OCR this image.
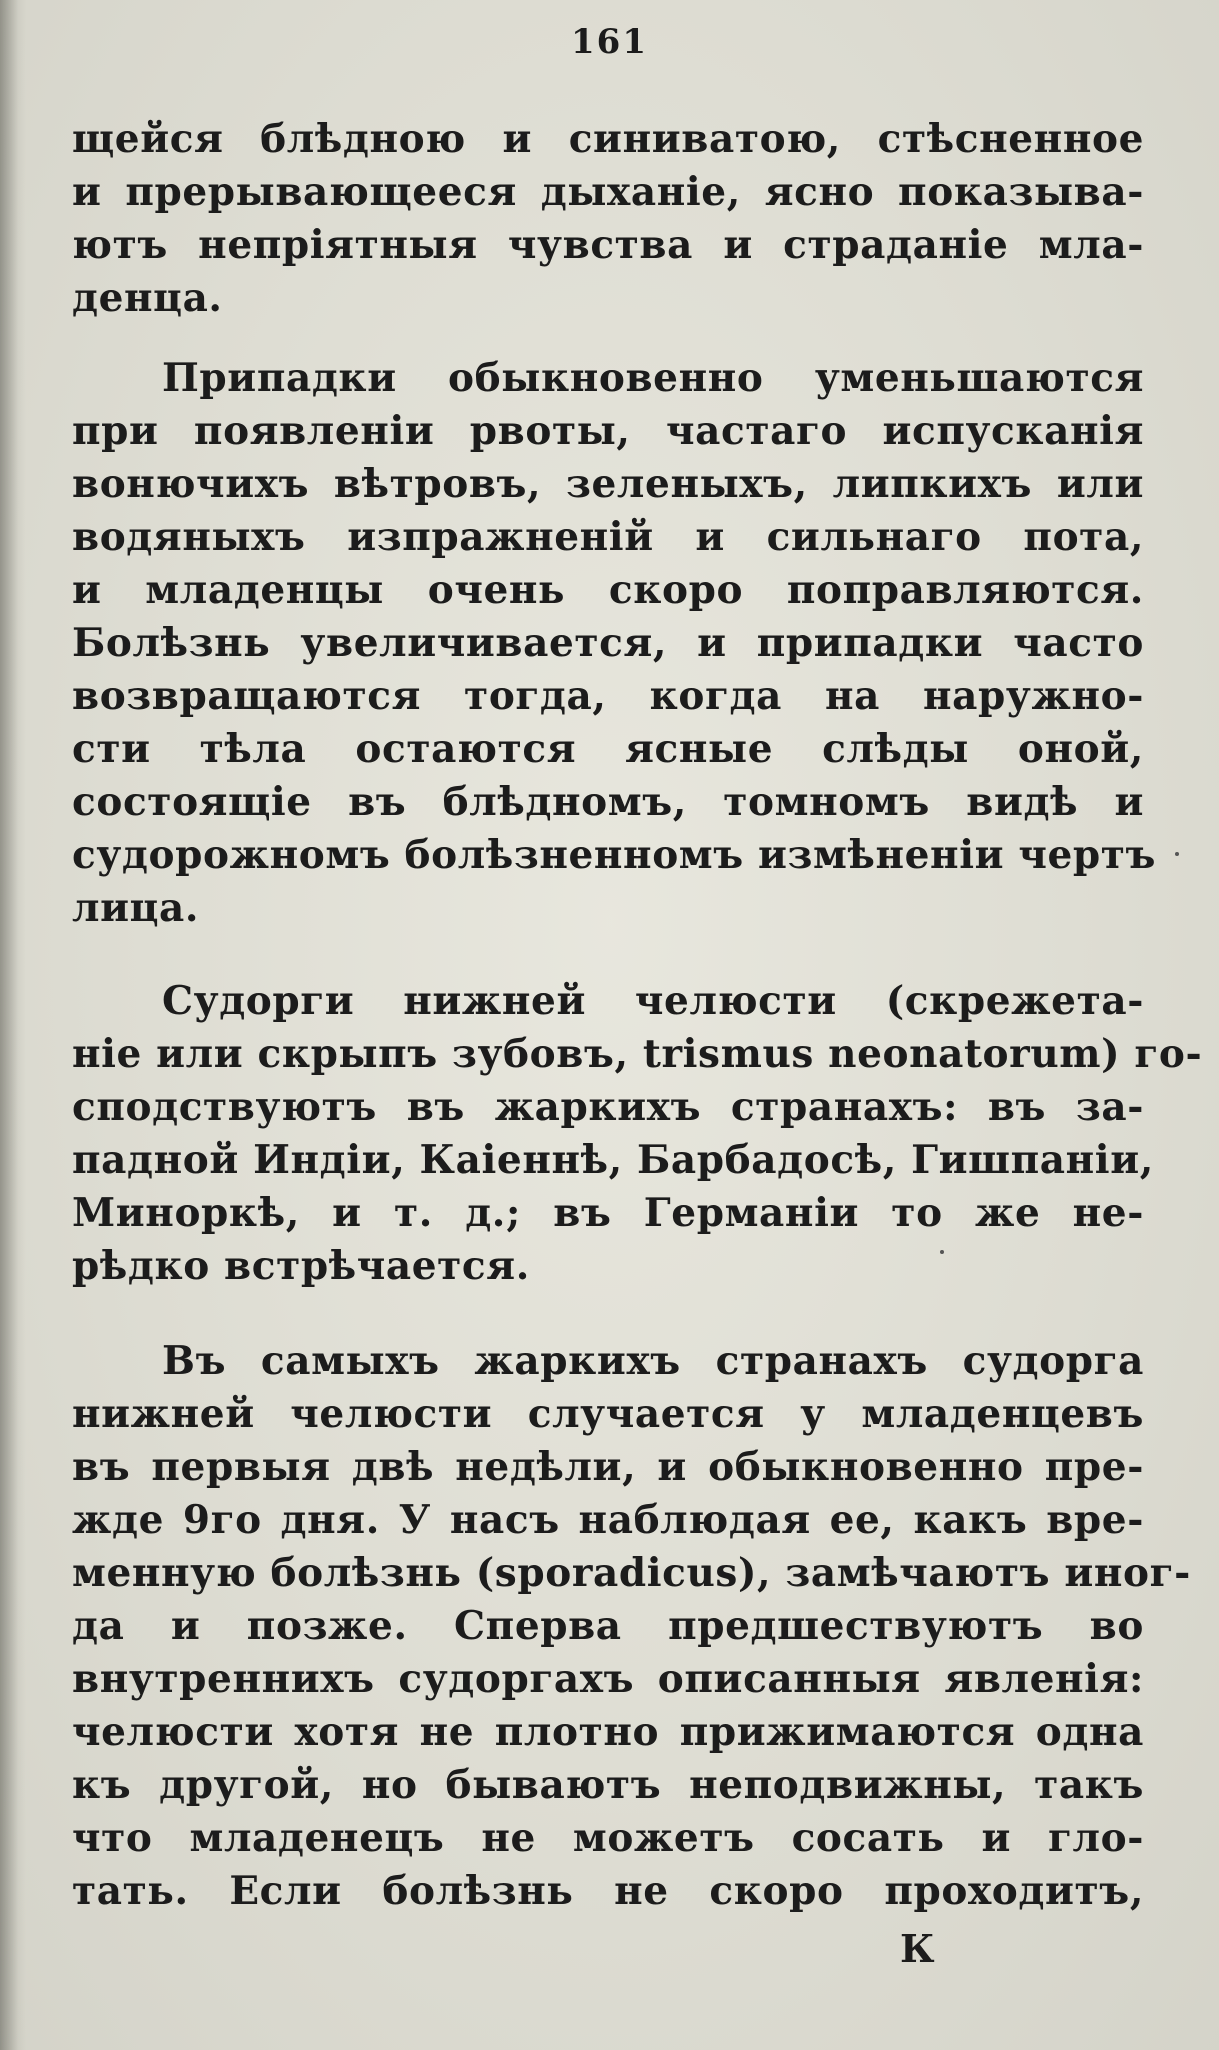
161
щейся блѣдною и синиватою, стѣсненное
и прерывающееся дыханіе, ясно показыва-
ютъ непріятныя чувства и страданіе мла-
денца.
Припадки обыкновенно уменьшаются
при появленіи рвоты, частаго испусканія
вонючихъ вѣтровъ, зеленыхъ, липкихъ или
водяныхъ изпражненій и сильнаго пота,
и младенцы очень скоро поправляются.
Болѣзнь увеличивается, и припадки часто
возвращаются тогда, когда на наружно-
сти тѣла остаются ясные слѣды оной,
состоящіе въ блѣдномъ, томномъ видѣ и
судорожномъ болѣзненномъ измѣненіи чертъ
лица.
Судорги нижней челюсти (скрежета-
ніе или скрыпъ зубовъ, trismus neonatorum) го-
сподствуютъ въ жаркихъ странахъ: въ за-
падной Индіи, Каіеннѣ, Барбадосѣ, Гишпаніи,
Миноркѣ, и т. д.; въ Германіи то же не-
рѣдко встрѣчается.
Въ самыхъ жаркихъ странахъ судорга
нижней челюсти случается у младенцевъ
въ первыя двѣ недѣли, и обыкновенно пре-
жде 9го дня. У насъ наблюдая ее, какъ вре-
менную болѣзнь (sporadicus), замѣчаютъ иног-
да и позже. Сперва предшествуютъ во
внутреннихъ судоргахъ описанныя явленія:
челюсти хотя не плотно прижимаются одна
къ другой, но бываютъ неподвижны, такъ
что младенецъ не можетъ сосать и гло-
тать. Если болѣзнь не скоро проходитъ,
К
